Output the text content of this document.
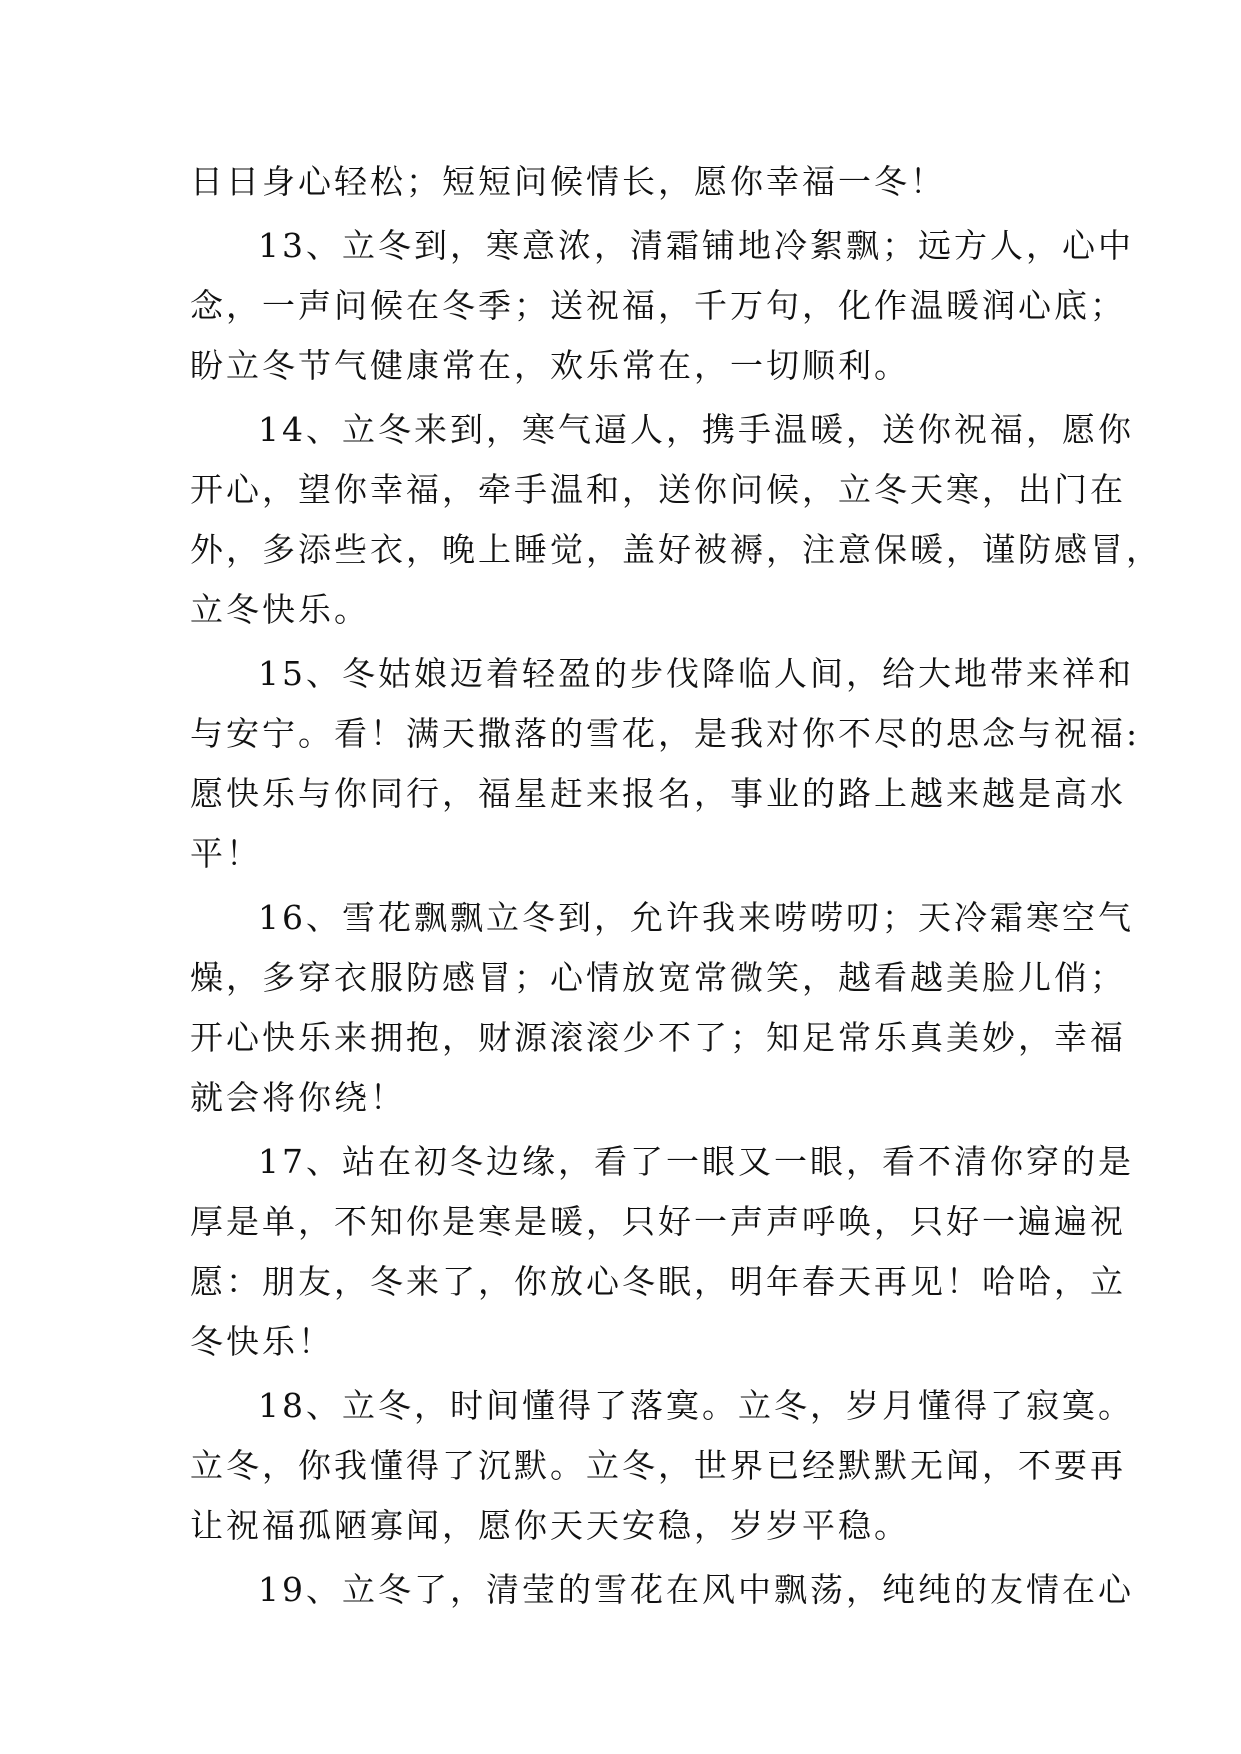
日日身心轻松；短短问候情长，愿你幸福一冬！
13、立冬到，寒意浓，清霜铺地冷絮飘；远方人，心中
念，一声问候在冬季；送祝福，千万句，化作温暖润心底；
盼立冬节气健康常在，欢乐常在，一切顺利。
14、立冬来到，寒气逼人，携手温暖，送你祝福，愿你
开心，望你幸福，牵手温和，送你问候，立冬天寒，出门在
外，多添些衣，晚上睡觉，盖好被褥，注意保暖，谨防感冒，
立冬快乐。
15、冬姑娘迈着轻盈的步伐降临人间，给大地带来祥和
与安宁。看！满天撒落的雪花，是我对你不尽的思念与祝福:
愿快乐与你同行，福星赶来报名，事业的路上越来越是高水
平！
16、雪花飘飘立冬到，允许我来唠唠叨；天冷霜寒空气
燥，多穿衣服防感冒；心情放宽常微笑，越看越美脸儿俏；
开心快乐来拥抱，财源滚滚少不了；知足常乐真美妙，幸福
就会将你绕！
17、站在初冬边缘，看了一眼又一眼，看不清你穿的是
厚是单，不知你是寒是暖，只好一声声呼唤，只好一遍遍祝
愿：朋友，冬来了，你放心冬眠，明年春天再见！哈哈，立
冬快乐！
18、立冬，时间懂得了落寞。立冬，岁月懂得了寂寞。
立冬，你我懂得了沉默。立冬，世界已经默默无闻，不要再
让祝福孤陋寡闻，愿你天天安稳，岁岁平稳。
19、立冬了，清莹的雪花在风中飘荡，纯纯的友情在心
